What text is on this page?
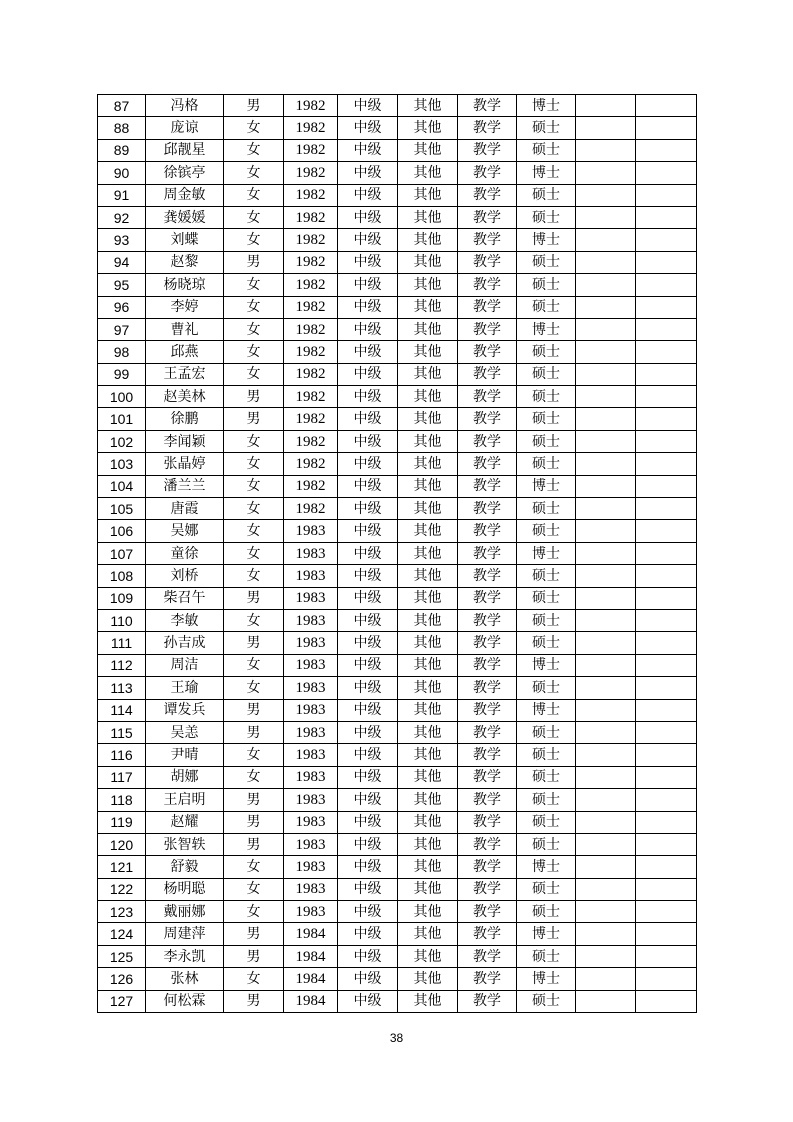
87	冯格	男	1982	中级	其他	教学	博士		
88	庞谅	女	1982	中级	其他	教学	硕士		
89	邱靓星	女	1982	中级	其他	教学	硕士		
90	徐镔亭	女	1982	中级	其他	教学	博士		
91	周金敏	女	1982	中级	其他	教学	硕士		
92	龚媛媛	女	1982	中级	其他	教学	硕士		
93	刘蝶	女	1982	中级	其他	教学	博士		
94	赵黎	男	1982	中级	其他	教学	硕士		
95	杨晓琼	女	1982	中级	其他	教学	硕士		
96	李婷	女	1982	中级	其他	教学	硕士		
97	曹礼	女	1982	中级	其他	教学	博士		
98	邱燕	女	1982	中级	其他	教学	硕士		
99	王孟宏	女	1982	中级	其他	教学	硕士		
100	赵美林	男	1982	中级	其他	教学	硕士		
101	徐鹏	男	1982	中级	其他	教学	硕士		
102	李闻颖	女	1982	中级	其他	教学	硕士		
103	张晶婷	女	1982	中级	其他	教学	硕士		
104	潘兰兰	女	1982	中级	其他	教学	博士		
105	唐霞	女	1982	中级	其他	教学	硕士		
106	吴娜	女	1983	中级	其他	教学	硕士		
107	童徐	女	1983	中级	其他	教学	博士		
108	刘桥	女	1983	中级	其他	教学	硕士		
109	柴召午	男	1983	中级	其他	教学	硕士		
110	李敏	女	1983	中级	其他	教学	硕士		
111	孙吉成	男	1983	中级	其他	教学	硕士		
112	周洁	女	1983	中级	其他	教学	博士		
113	王瑜	女	1983	中级	其他	教学	硕士		
114	谭发兵	男	1983	中级	其他	教学	博士		
115	吴恙	男	1983	中级	其他	教学	硕士		
116	尹晴	女	1983	中级	其他	教学	硕士		
117	胡娜	女	1983	中级	其他	教学	硕士		
118	王启明	男	1983	中级	其他	教学	硕士		
119	赵耀	男	1983	中级	其他	教学	硕士		
120	张智轶	男	1983	中级	其他	教学	硕士		
121	舒毅	女	1983	中级	其他	教学	博士		
122	杨明聪	女	1983	中级	其他	教学	硕士		
123	戴丽娜	女	1983	中级	其他	教学	硕士		
124	周建萍	男	1984	中级	其他	教学	博士		
125	李永凯	男	1984	中级	其他	教学	硕士		
126	张林	女	1984	中级	其他	教学	博士		
127	何松霖	男	1984	中级	其他	教学	硕士		
38
